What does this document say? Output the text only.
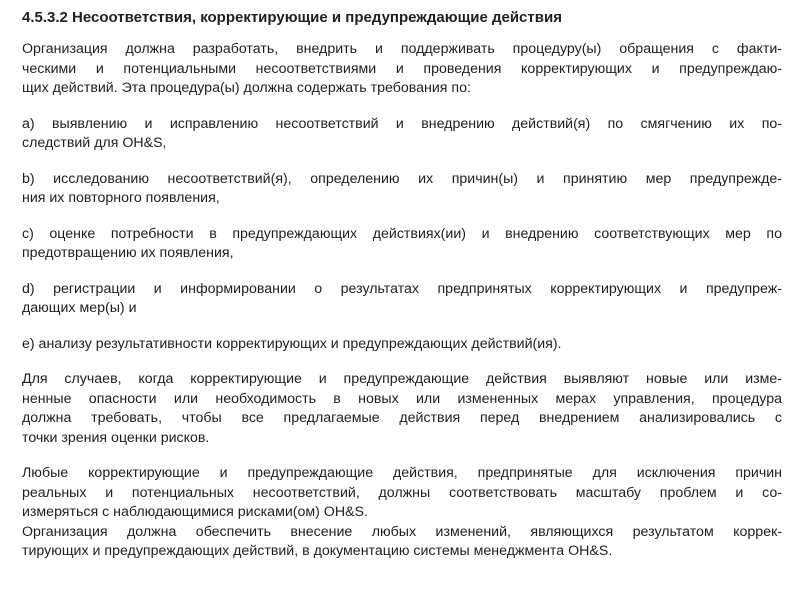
4.5.3.2 Несоответствия, корректирующие и предупреждающие действия
Организация должна разработать, внедрить и поддерживать процедуру(ы) обращения с факти-
ческими и потенциальными несоответствиями и проведения корректирующих и предупреждаю-
щих действий. Эта процедура(ы) должна содержать требования по:
а) выявлению и исправлению несоответствий и внедрению действий(я) по смягчению их по-
следствий для OH&S,
b) исследованию несоответствий(я), определению их причин(ы) и принятию мер предупрежде-
ния их повторного появления,
с) оценке потребности в предупреждающих действиях(ии) и внедрению соответствующих мер по
предотвращению их появления,
d) регистрации и информировании о результатах предпринятых корректирующих и предупреж-
дающих мер(ы) и
е) анализу результативности корректирующих и предупреждающих действий(ия).
Для случаев, когда корректирующие и предупреждающие действия выявляют новые или изме-
ненные опасности или необходимость в новых или измененных мерах управления, процедура
должна требовать, чтобы все предлагаемые действия перед внедрением анализировались с
точки зрения оценки рисков.
Любые корректирующие и предупреждающие действия, предпринятые для исключения причин
реальных и потенциальных несоответствий, должны соответствовать масштабу проблем и со-
измеряться с наблюдающимися рисками(ом) OH&S.
Организация должна обеспечить внесение любых изменений, являющихся результатом коррек-
тирующих и предупреждающих действий, в документацию системы менеджмента OH&S.
